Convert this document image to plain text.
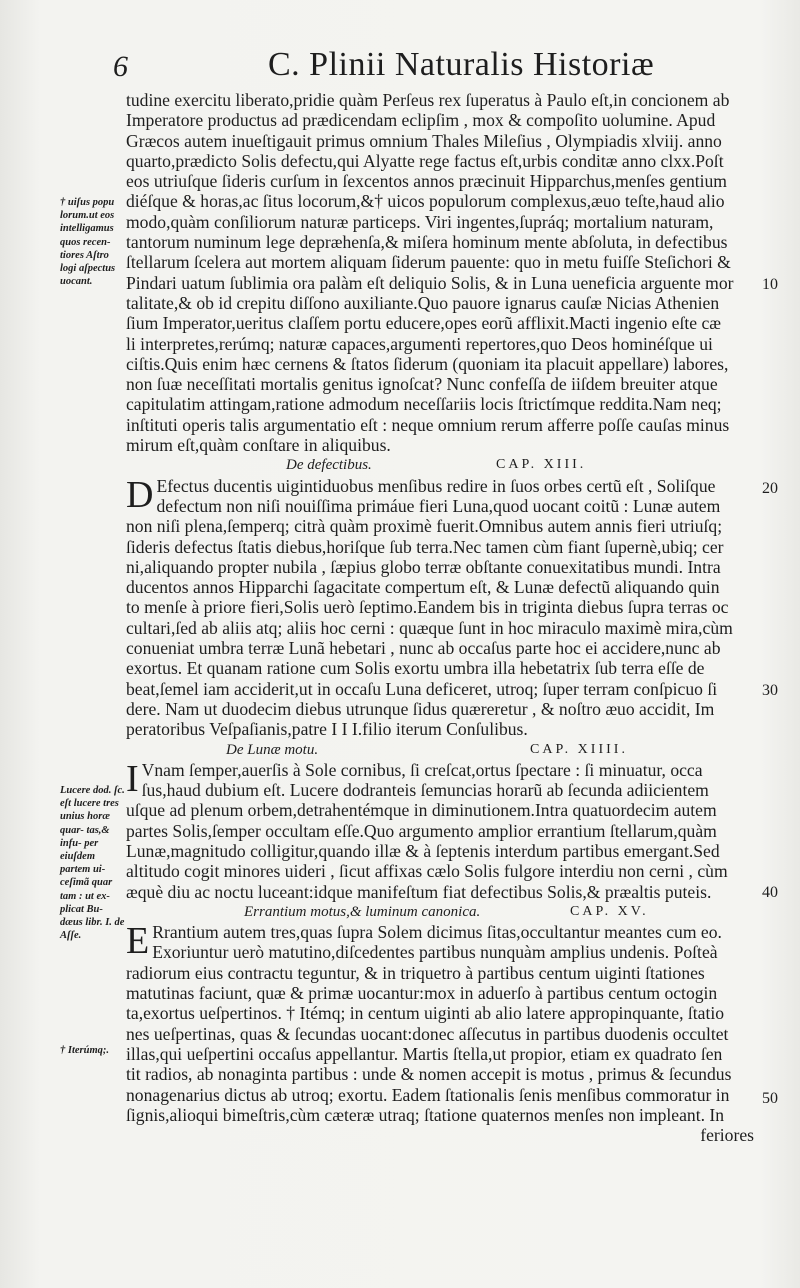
6	C. Plinii Naturalis Historiæ
tudine exercitu liberato,pridie quàm Perſeus rex ſuperatus à Paulo eſt,in concionem ab
Imperatore productus ad prædicendam eclipſim , mox & compoſito uolumine. Apud
Græcos autem inueſtigauit primus omnium Thales Mileſius , Olympiadis xlviij. anno
quarto,prædicto Solis defectu,qui Alyatte rege factus eſt,urbis conditæ anno clxx.Poſt
eos utriuſque ſideris curſum in ſexcentos annos præcinuit Hipparchus,menſes gentium
diéſque & horas,ac ſitus locorum,&† uicos populorum complexus,æuo teſte,haud alio
modo,quàm conſiliorum naturæ particeps. Viri ingentes,ſupráq; mortalium naturam,
tantorum numinum lege depræhenſa,& miſera hominum mente abſoluta, in defectibus
ſtellarum ſcelera aut mortem aliquam ſiderum pauente: quo in metu fuiſſe Steſichori &
Pindari uatum ſublimia ora palàm eſt deliquio Solis, & in Luna ueneficia arguente mor
talitate,& ob id crepitu diſſono auxiliante.Quo pauore ignarus cauſæ Nicias Athenien
ſium Imperator,ueritus claſſem portu educere,opes eorũ afflixit.Macti ingenio eſte cæ
li interpretes,rerúmq; naturæ capaces,argumenti repertores,quo Deos hominéſque ui
ciſtis.Quis enim hæc cernens & ſtatos ſiderum (quoniam ita placuit appellare) labores,
non ſuæ neceſſitati mortalis genitus ignoſcat? Nunc confeſſa de iiſdem breuiter atque
capitulatim attingam,ratione admodum neceſſariis locis ſtrictímque reddita.Nam neq;
inſtituti operis talis argumentatio eſt : neque omnium rerum afferre poſſe cauſas minus
mirum eſt,quàm conſtare in aliquibus.
De defectibus.	CAP. XIII.
D Efectus ducentis uigintiduobus menſibus redire in ſuos orbes certũ eſt , Soliſque
defectum non niſi nouiſſima primáue fieri Luna,quod uocant coitũ : Lunæ autem
non niſi plena,ſemperq; citrà quàm proximè fuerit.Omnibus autem annis fieri utriuſq;
ſideris defectus ſtatis diebus,horiſque ſub terra.Nec tamen cùm fiant ſupernè,ubiq; cer
ni,aliquando propter nubila , ſæpius globo terræ obſtante conuexitatibus mundi. Intra
ducentos annos Hipparchi ſagacitate compertum eſt, & Lunæ defectũ aliquando quin
to menſe à priore fieri,Solis uerò ſeptimo.Eandem bis in triginta diebus ſupra terras oc
cultari,ſed ab aliis atq; aliis hoc cerni : quæque ſunt in hoc miraculo maximè mira,cùm
conueniat umbra terræ Lunã hebetari , nunc ab occaſus parte hoc ei accidere,nunc ab
exortus. Et quanam ratione cum Solis exortu umbra illa hebetatrix ſub terra eſſe de
beat,ſemel iam acciderit,ut in occaſu Luna deficeret, utroq; ſuper terram conſpicuo ſi
dere. Nam ut duodecim diebus utrunque ſidus quæreretur , & noſtro æuo accidit, Im
peratoribus Veſpaſianis,patre I I I.filio iterum Conſulibus.
De Lunæ motu.	CAP. XIIII.
I Vnam ſemper,auerſis à Sole cornibus, ſi creſcat,ortus ſpectare : ſi minuatur, occa
ſus,haud dubium eſt. Lucere dodranteis ſemuncias horarũ ab ſecunda adiicientem
uſque ad plenum orbem,detrahentémque in diminutionem.Intra quatuordecim autem
partes Solis,ſemper occultam eſſe.Quo argumento amplior errantium ſtellarum,quàm
Lunæ,magnitudo colligitur,quando illæ & à ſeptenis interdum partibus emergant.Sed
altitudo cogit minores uideri , ſicut affixas cælo Solis fulgore interdiu non cerni , cùm
æquè diu ac noctu luceant:idque manifeſtum fiat defectibus Solis,& præaltis puteis.
Errantium motus,& luminum canonica.	CAP. XV.
E Rrantium autem tres,quas ſupra Solem dicimus ſitas,occultantur meantes cum eo.
Exoriuntur uerò matutino,diſcedentes partibus nunquàm amplius undenis. Poſteà
radiorum eius contractu teguntur, & in triquetro à partibus centum uiginti ſtationes
matutinas faciunt, quæ & primæ uocantur:mox in aduerſo à partibus centum octogin
ta,exortus ueſpertinos. † Itémq; in centum uiginti ab alio latere appropinquante, ſtatio
nes ueſpertinas, quas & ſecundas uocant:donec aſſecutus in partibus duodenis occultet
illas,qui ueſpertini occaſus appellantur. Martis ſtella,ut propior, etiam ex quadrato ſen
tit radios, ab nonaginta partibus : unde & nomen accepit is motus , primus & ſecundus
nonagenarius dictus ab utroq; exortu. Eadem ſtationalis ſenis menſibus commoratur in
ſignis,alioqui bimeſtris,cùm cæteræ utraq; ſtatione quaternos menſes non impleant. In
feriores
† uiſus popu lorum.ut eos intelligamus quos recen- tiores Aſtro logi aſpectus uocant.
Lucere dod. ſc. eſt lucere tres unius horæ quar- tas,& infu- per eiuſdem partem ui- ceſimã quar tam : ut ex- plicat Bu- dæus libr. I. de Aſſe.
† Iterúmq;.
10
20
30
40
50
